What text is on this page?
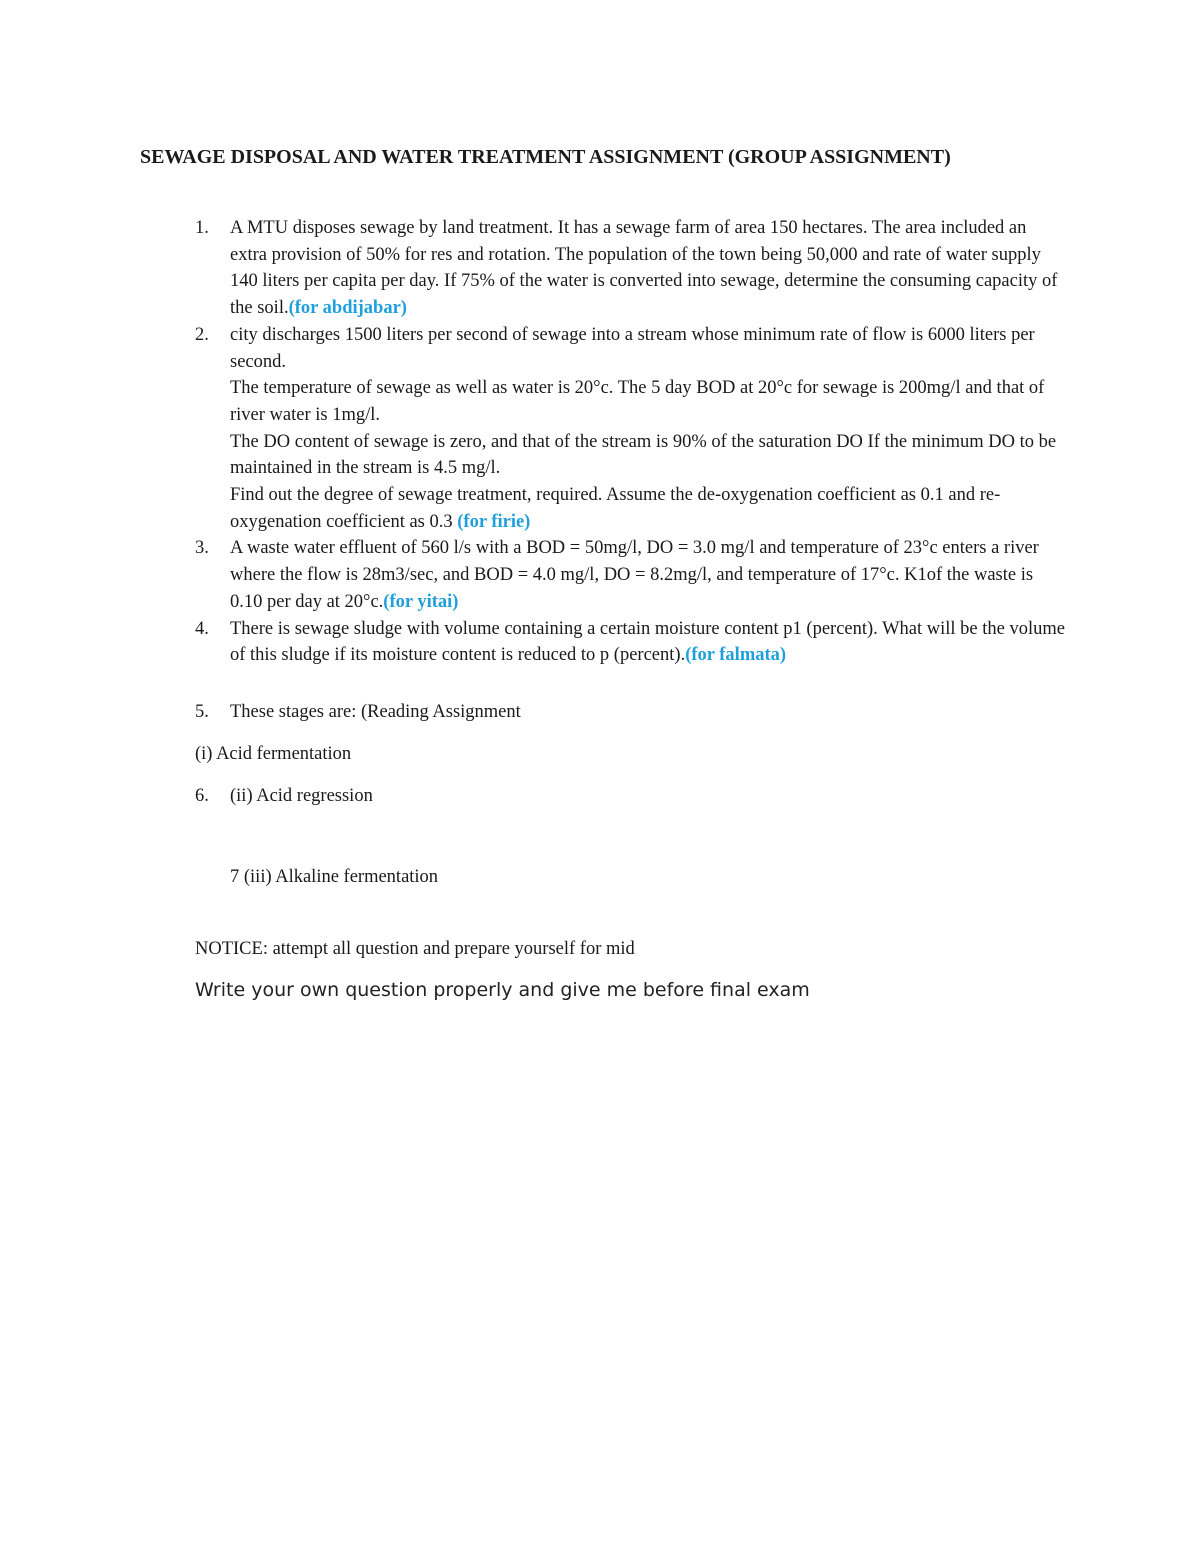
SEWAGE DISPOSAL AND WATER TREATMENT ASSIGNMENT (GROUP ASSIGNMENT)
1. A MTU disposes sewage by land treatment. It has a sewage farm of area 150 hectares. The area included an extra provision of 50% for res and rotation. The population of the town being 50,000 and rate of water supply 140 liters per capita per day. If 75% of the water is converted into sewage, determine the consuming capacity of the soil.(for abdijabar)
2. city discharges 1500 liters per second of sewage into a stream whose minimum rate of flow is 6000 liters per second.
The temperature of sewage as well as water is 20°c. The 5 day BOD at 20°c for sewage is 200mg/l and that of river water is 1mg/l.
The DO content of sewage is zero, and that of the stream is 90% of the saturation DO If the minimum DO to be maintained in the stream is 4.5 mg/l.
Find out the degree of sewage treatment, required. Assume the de-oxygenation coefficient as 0.1 and re-oxygenation coefficient as 0.3 (for firie)
3. A waste water effluent of 560 l/s with a BOD = 50mg/l, DO = 3.0 mg/l and temperature of 23°c enters a river where the flow is 28m3/sec, and BOD = 4.0 mg/l, DO = 8.2mg/l, and temperature of 17°c. K1of the waste is 0.10 per day at 20°c.(for yitai)
4. There is sewage sludge with volume containing a certain moisture content p1 (percent). What will be the volume of this sludge if its moisture content is reduced to p (percent).(for falmata)
5. These stages are: (Reading Assignment
(i) Acid fermentation
6. (ii) Acid regression
7 (iii) Alkaline fermentation
NOTICE: attempt all question and prepare yourself for mid
Write your own question properly and give me before final exam
